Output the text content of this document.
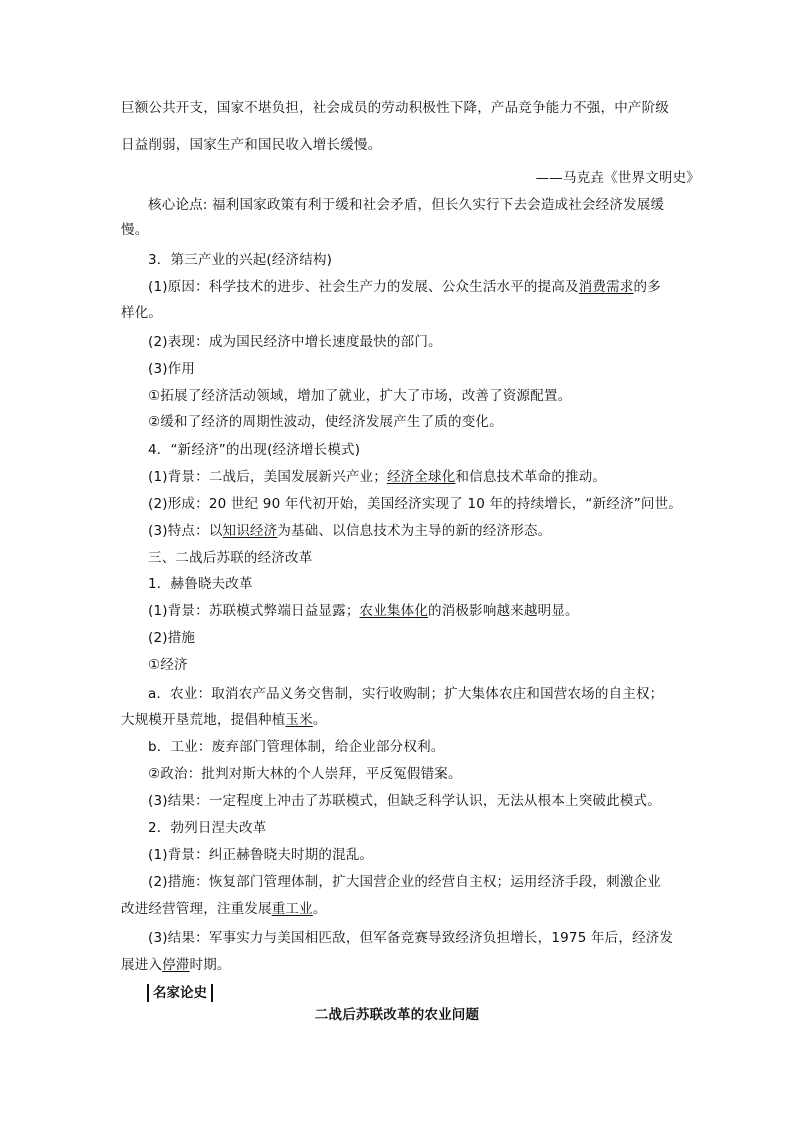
巨额公共开支，国家不堪负担，社会成员的劳动积极性下降，产品竞争能力不强，中产阶级
日益削弱，国家生产和国民收入增长缓慢。
——马克垚《世界文明史》
核心论点: 福利国家政策有利于缓和社会矛盾，但长久实行下去会造成社会经济发展缓
慢。
3．第三产业的兴起(经济结构)
(1)原因：科学技术的进步、社会生产力的发展、公众生活水平的提高及消费需求的多
样化。
(2)表现：成为国民经济中增长速度最快的部门。
(3)作用
①拓展了经济活动领域，增加了就业，扩大了市场，改善了资源配置。
②缓和了经济的周期性波动，使经济发展产生了质的变化。
4．“新经济”的出现(经济增长模式)
(1)背景：二战后，美国发展新兴产业；经济全球化和信息技术革命的推动。
(2)形成：20 世纪 90 年代初开始，美国经济实现了 10 年的持续增长，“新经济”问世。
(3)特点：以知识经济为基础、以信息技术为主导的新的经济形态。
三、二战后苏联的经济改革
1．赫鲁晓夫改革
(1)背景：苏联模式弊端日益显露；农业集体化的消极影响越来越明显。
(2)措施
①经济
a．农业：取消农产品义务交售制，实行收购制；扩大集体农庄和国营农场的自主权；
大规模开垦荒地，提倡种植玉米。
b．工业：废弃部门管理体制，给企业部分权利。
②政治：批判对斯大林的个人崇拜，平反冤假错案。
(3)结果：一定程度上冲击了苏联模式，但缺乏科学认识，无法从根本上突破此模式。
2．勃列日涅夫改革
(1)背景：纠正赫鲁晓夫时期的混乱。
(2)措施：恢复部门管理体制，扩大国营企业的经营自主权；运用经济手段，刺激企业
改进经营管理，注重发展重工业。
(3)结果：军事实力与美国相匹敌，但军备竞赛导致经济负担增长，1975 年后，经济发
展进入停滞时期。
名家论史
二战后苏联改革的农业问题
